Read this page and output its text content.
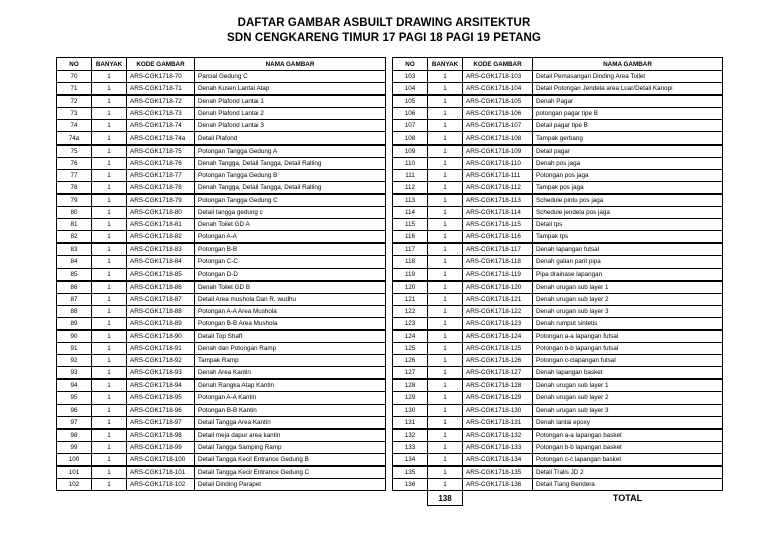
DAFTAR GAMBAR ASBUILT DRAWING ARSITEKTUR
SDN CENGKARENG TIMUR 17 PAGI 18 PAGI 19 PETANG
NO	BANYAK	KODE GAMBAR	NAMA GAMBAR
70	1	ARS-CGK1718-70	Parcial Gedung C
71	1	ARS-CGK1718-71	Denah Kusen Lantai Atap
72	1	ARS-CGK1718-72	Denah Plafond Lantai 1
73	1	ARS-CGK1718-73	Denah Plafond Lantai 2
74	1	ARS-CGK1718-74	Denah Plafond Lantai 3
74a	1	ARS-CGK1718-74a	Detail Plafond
75	1	ARS-CGK1718-75	Potongan Tangga Gedung A
76	1	ARS-CGK1718-76	Denah Tangga, Detail Tangga, Detail Ralling
77	1	ARS-CGK1718-77	Potongan Tangga Gedung B
78	1	ARS-CGK1718-78	Denah Tangga, Detail Tangga, Detail Ralling
79	1	ARS-CGK1718-79	Potongan Tangga Gedung C
80	1	ARS-CGK1718-80	Detail tangga gedung c
81	1	ARS-CGK1718-81	Denah Toilet GD A
82	1	ARS-CGK1718-82	Potongan A-A
83	1	ARS-CGK1718-83	Potongan B-B
84	1	ARS-CGK1718-84	Potongan C-C
85	1	ARS-CGK1718-85	Potongan D-D
86	1	ARS-CGK1718-86	Denah Toilet GD B
87	1	ARS-CGK1718-87	Detail Area mushola Dan R. wudhu
88	1	ARS-CGK1718-88	Potongan A-A Area Mushola
89	1	ARS-CGK1718-89	Potongan B-B Area Mushola
90	1	ARS-CGK1718-90	Detail Top Shaft
91	1	ARS-CGK1718-91	Denah dan Potongan Ramp
92	1	ARS-CGK1718-92	Tampak Ramp
93	1	ARS-CGK1718-93	Denah Area Kantin
94	1	ARS-CGK1718-94	Denah Rangka Atap Kantin
95	1	ARS-CGK1718-95	Potongan A-A Kantin
96	1	ARS-CGK1718-96	Potongan B-B Kantin
97	1	ARS-CGK1718-97	Detail Tangga Area Kantin
98	1	ARS-CGK1718-98	Detail meja dapur area kantin
99	1	ARS-CGK1718-99	Detail Tangga Samping Ramp
100	1	ARS-CGK1718-100	Detail Tangga Kecil Entrance Gedung B
101	1	ARS-CGK1718-101	Detail Tangga Kecil Entrance Gedung C
102	1	ARS-CGK1718-102	Detail Dinding Parapet
NO	BANYAK	KODE GAMBAR	NAMA GAMBAR
103	1	ARS-CGK1718-103	Detail Pemasangan Dinding Area Toilet
104	1	ARS-CGK1718-104	Detail Potongan Jendela area Luar/Detail Kanopi
105	1	ARS-CGK1718-105	Denah Pagar
106	1	ARS-CGK1718-106	potongan pagar tipe B
107	1	ARS-CGK1718-107	Detail pagar tipe B
108	1	ARS-CGK1718-108	Tampak gerbang
109	1	ARS-CGK1718-109	Detail pagar
110	1	ARS-CGK1718-110	Denah pos jaga
111	1	ARS-CGK1718-111	Potongan pos jaga
112	1	ARS-CGK1718-112	Tampak pos jaga
113	1	ARS-CGK1718-113	Schedule pintu pos jaga
114	1	ARS-CGK1718-114	Schedule jendela pos jaga
115	1	ARS-CGK1718-115	Detail tps
116	1	ARS-CGK1718-116	Tampak tps
117	1	ARS-CGK1718-117	Denah lapangan futsal
118	1	ARS-CGK1718-118	Denah galian parit pipa
119	1	ARS-CGK1718-119	Pipa drainase lapangan
120	1	ARS-CGK1718-120	Denah urugan sub layer 1
121	1	ARS-CGK1718-121	Denah urugan sub layer 2
122	1	ARS-CGK1718-122	Denah urugan sub layer 3
123	1	ARS-CGK1718-123	Denah rumput sintetis
124	1	ARS-CGK1718-124	Potongan a-a lapangan futsal
125	1	ARS-CGK1718-125	Potongan b-b lapangan futsal
126	1	ARS-CGK1718-126	Potongan c-clapangan futsal
127	1	ARS-CGK1718-127	Denah lapangan basket
128	1	ARS-CGK1718-128	Denah urugan sub layer 1
129	1	ARS-CGK1718-129	Denah urugan sub layer 2
130	1	ARS-CGK1718-130	Denah urugan sub layer 3
131	1	ARS-CGK1718-131	Denah lantai epoxy
132	1	ARS-CGK1718-132	Potongan a-a lapangan basket
133	1	ARS-CGK1718-133	Potongan b-b lapangan basket
134	1	ARS-CGK1718-134	Potongan c-c lapangan basket
135	1	ARS-CGK1718-135	Detail Tralis JD 2
136	1	ARS-CGK1718-136	Detail Tiang Bendera
	138		TOTAL
